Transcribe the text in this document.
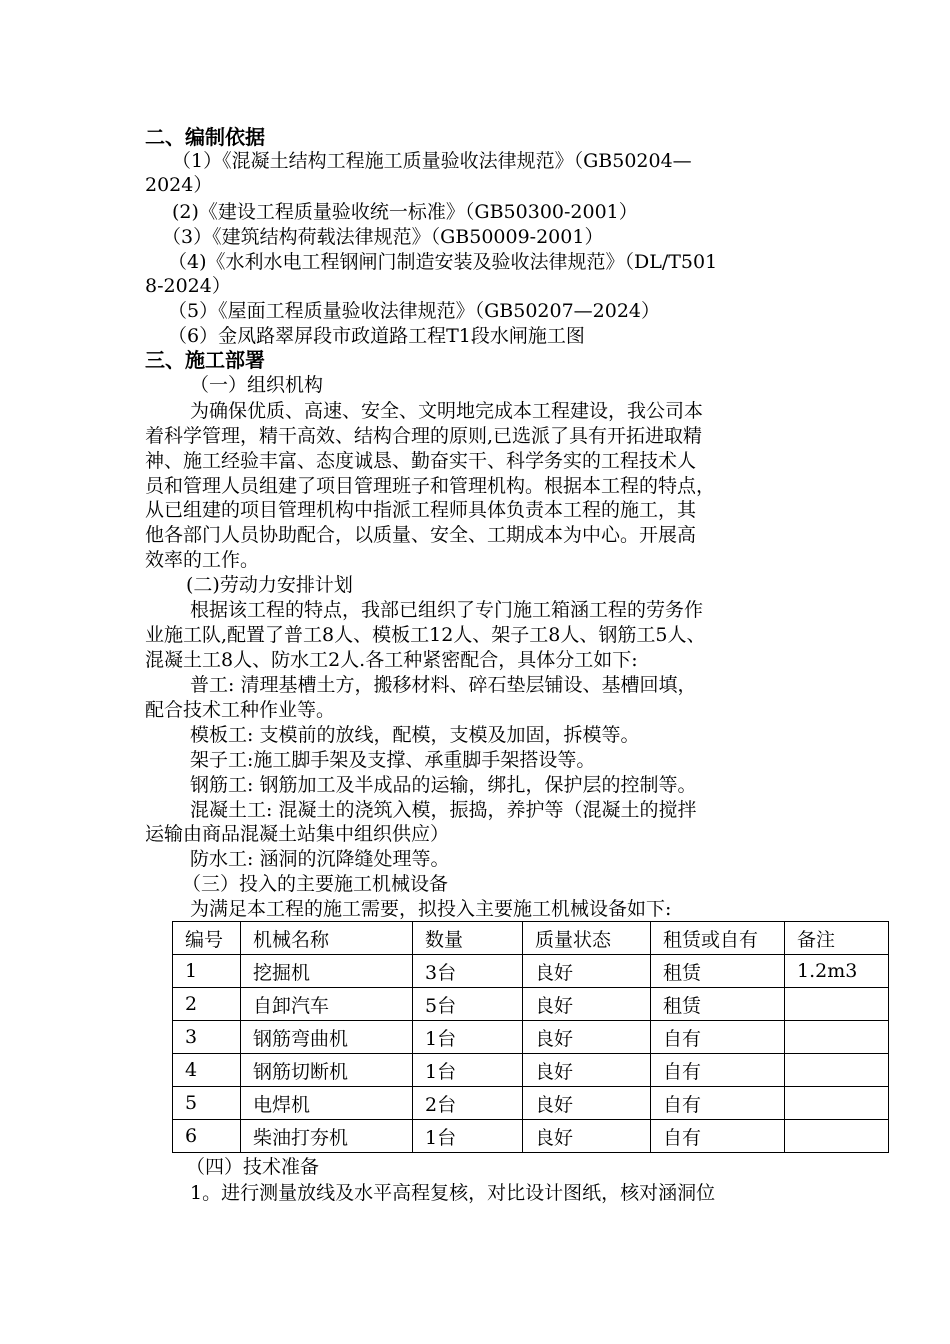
二、编制依据
（1）《混凝土结构工程施工质量验收法律规范》（GB50204—
2024）
(2)《建设工程质量验收统一标准》（GB50300-2001）
（3）《建筑结构荷载法律规范》（GB50009-2001）
（4)《水利水电工程钢闸门制造安装及验收法律规范》（DL/T501
8-2024）
（5）《屋面工程质量验收法律规范》（GB50207—2024）
（6）金凤路翠屏段市政道路工程T1段水闸施工图
三、施工部署
（一）组织机构
为确保优质、高速、安全、文明地完成本工程建设，我公司本
着科学管理，精干高效、结构合理的原则,已选派了具有开拓进取精
神、施工经验丰富、态度诚恳、勤奋实干、科学务实的工程技术人
员和管理人员组建了项目管理班子和管理机构。根据本工程的特点，
从已组建的项目管理机构中指派工程师具体负责本工程的施工，其
他各部门人员协助配合，以质量、安全、工期成本为中心。开展高
效率的工作。
(二)劳动力安排计划
根据该工程的特点，我部已组织了专门施工箱涵工程的劳务作
业施工队,配置了普工8人、模板工12人、架子工8人、钢筋工5人、
混凝土工8人、防水工2人.各工种紧密配合，具体分工如下:
普工: 清理基槽土方，搬移材料、碎石垫层铺设、基槽回填，
配合技术工种作业等。
模板工: 支模前的放线，配模，支模及加固，拆模等。
架子工:施工脚手架及支撑、承重脚手架搭设等。
钢筋工: 钢筋加工及半成品的运输，绑扎，保护层的控制等。
混凝土工: 混凝土的浇筑入模，振捣，养护等（混凝土的搅拌
运输由商品混凝土站集中组织供应）
防水工: 涵洞的沉降缝处理等。
（三）投入的主要施工机械设备
为满足本工程的施工需要，拟投入主要施工机械设备如下:
编号	机械名称	数量	质量状态	租赁或自有	备注
1	挖掘机	3台	良好	租赁	1.2m3
2	自卸汽车	5台	良好	租赁	
3	钢筋弯曲机	1台	良好	自有	
4	钢筋切断机	1台	良好	自有	
5	电焊机	2台	良好	自有	
6	柴油打夯机	1台	良好	自有	
（四）技术准备
1。进行测量放线及水平高程复核，对比设计图纸，核对涵洞位
